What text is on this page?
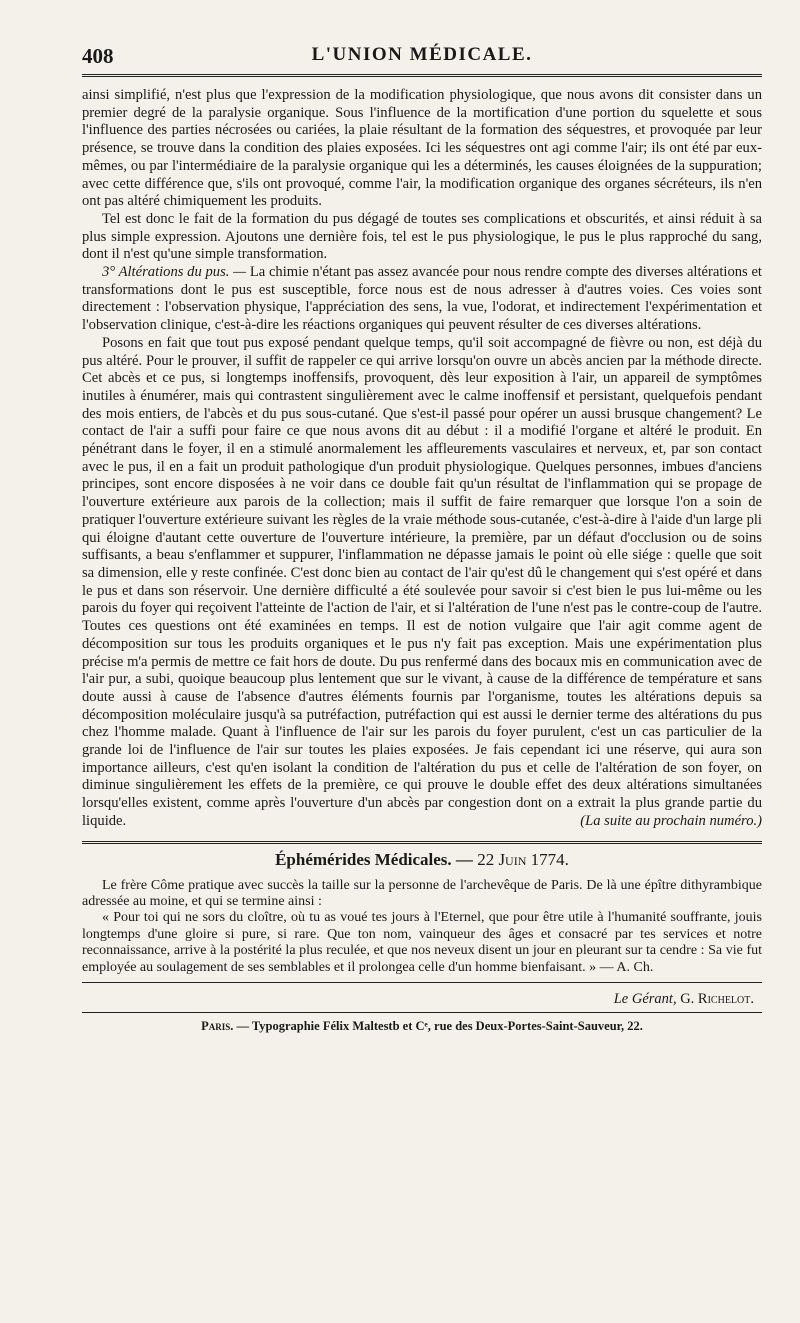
408	L'UNION MÉDICALE.

ainsi simplifié, n'est plus que l'expression de la modification physiologique, que nous avons dit consister dans un premier degré de la paralysie organique. Sous l'influence de la mortification d'une portion du squelette et sous l'influence des parties nécrosées ou cariées, la plaie résultant de la formation des séquestres, et provoquée par leur présence, se trouve dans la condition des plaies exposées. Ici les séquestres ont agi comme l'air; ils ont été par eux-mêmes, ou par l'intermédiaire de la paralysie organique qui les a déterminés, les causes éloignées de la suppuration; avec cette différence que, s'ils ont provoqué, comme l'air, la modification organique des organes sécréteurs, ils n'en ont pas altéré chimiquement les produits.

Tel est donc le fait de la formation du pus dégagé de toutes ses complications et obscurités, et ainsi réduit à sa plus simple expression. Ajoutons une dernière fois, tel est le pus physiologique, le pus le plus rapproché du sang, dont il n'est qu'une simple transformation.

3° Altérations du pus. — La chimie n'étant pas assez avancée pour nous rendre compte des diverses altérations et transformations dont le pus est susceptible, force nous est de nous adresser à d'autres voies. Ces voies sont directement : l'observation physique, l'appréciation des sens, la vue, l'odorat, et indirectement l'expérimentation et l'observation clinique, c'est-à-dire les réactions organiques qui peuvent résulter de ces diverses altérations.

Posons en fait que tout pus exposé pendant quelque temps, qu'il soit accompagné de fièvre ou non, est déjà du pus altéré. Pour le prouver, il suffit de rappeler ce qui arrive lorsqu'on ouvre un abcès ancien par la méthode directe. Cet abcès et ce pus, si longtemps inoffensifs, provoquent, dès leur exposition à l'air, un appareil de symptômes inutiles à énumérer, mais qui contrastent singulièrement avec le calme inoffensif et persistant, quelquefois pendant des mois entiers, de l'abcès et du pus sous-cutané. Que s'est-il passé pour opérer un aussi brusque changement? Le contact de l'air a suffi pour faire ce que nous avons dit au début : il a modifié l'organe et altéré le produit. En pénétrant dans le foyer, il en a stimulé anormalement les affleurements vasculaires et nerveux, et, par son contact avec le pus, il en a fait un produit pathologique d'un produit physiologique. Quelques personnes, imbues d'anciens principes, sont encore disposées à ne voir dans ce double fait qu'un résultat de l'inflammation qui se propage de l'ouverture extérieure aux parois de la collection; mais il suffit de faire remarquer que lorsque l'on a soin de pratiquer l'ouverture extérieure suivant les règles de la vraie méthode sous-cutanée, c'est-à-dire à l'aide d'un large pli qui éloigne d'autant cette ouverture de l'ouverture intérieure, la première, par un défaut d'occlusion ou de soins suffisants, a beau s'enflammer et suppurer, l'inflammation ne dépasse jamais le point où elle siége : quelle que soit sa dimension, elle y reste confinée. C'est donc bien au contact de l'air qu'est dû le changement qui s'est opéré et dans le pus et dans son réservoir. Une dernière difficulté a été soulevée pour savoir si c'est bien le pus lui-même ou les parois du foyer qui reçoivent l'atteinte de l'action de l'air, et si l'altération de l'une n'est pas le contre-coup de l'autre. Toutes ces questions ont été examinées en temps. Il est de notion vulgaire que l'air agit comme agent de décomposition sur tous les produits organiques et le pus n'y fait pas exception. Mais une expérimentation plus précise m'a permis de mettre ce fait hors de doute. Du pus renfermé dans des bocaux mis en communication avec de l'air pur, a subi, quoique beaucoup plus lentement que sur le vivant, à cause de la différence de température et sans doute aussi à cause de l'absence d'autres éléments fournis par l'organisme, toutes les altérations depuis sa décomposition moléculaire jusqu'à sa putréfaction, putréfaction qui est aussi le dernier terme des altérations du pus chez l'homme malade. Quant à l'influence de l'air sur les parois du foyer purulent, c'est un cas particulier de la grande loi de l'influence de l'air sur toutes les plaies exposées. Je fais cependant ici une réserve, qui aura son importance ailleurs, c'est qu'en isolant la condition de l'altération du pus et celle de l'altération de son foyer, on diminue singulièrement les effets de la première, ce qui prouve le double effet des deux altérations simultanées lorsqu'elles existent, comme après l'ouverture d'un abcès par congestion dont on a extrait la plus grande partie du liquide.	(La suite au prochain numéro.)

Éphémérides Médicales. — 22 Juin 1774.

Le frère Côme pratique avec succès la taille sur la personne de l'archevêque de Paris. De là une épître dithyrambique adressée au moine, et qui se termine ainsi :

« Pour toi qui ne sors du cloître, où tu as voué tes jours à l'Eternel, que pour être utile à l'humanité souffrante, jouis longtemps d'une gloire si pure, si rare. Que ton nom, vainqueur des âges et consacré par tes services et notre reconnaissance, arrive à la postérité la plus reculée, et que nos neveux disent un jour en pleurant sur ta cendre : Sa vie fut employée au soulagement de ses semblables et il prolongea celle d'un homme bienfaisant. » — A. Ch.

Le Gérant, G. Richelot.
Paris. — Typographie Félix Maltestb et Cᵉ, rue des Deux-Portes-Saint-Sauveur, 22.
